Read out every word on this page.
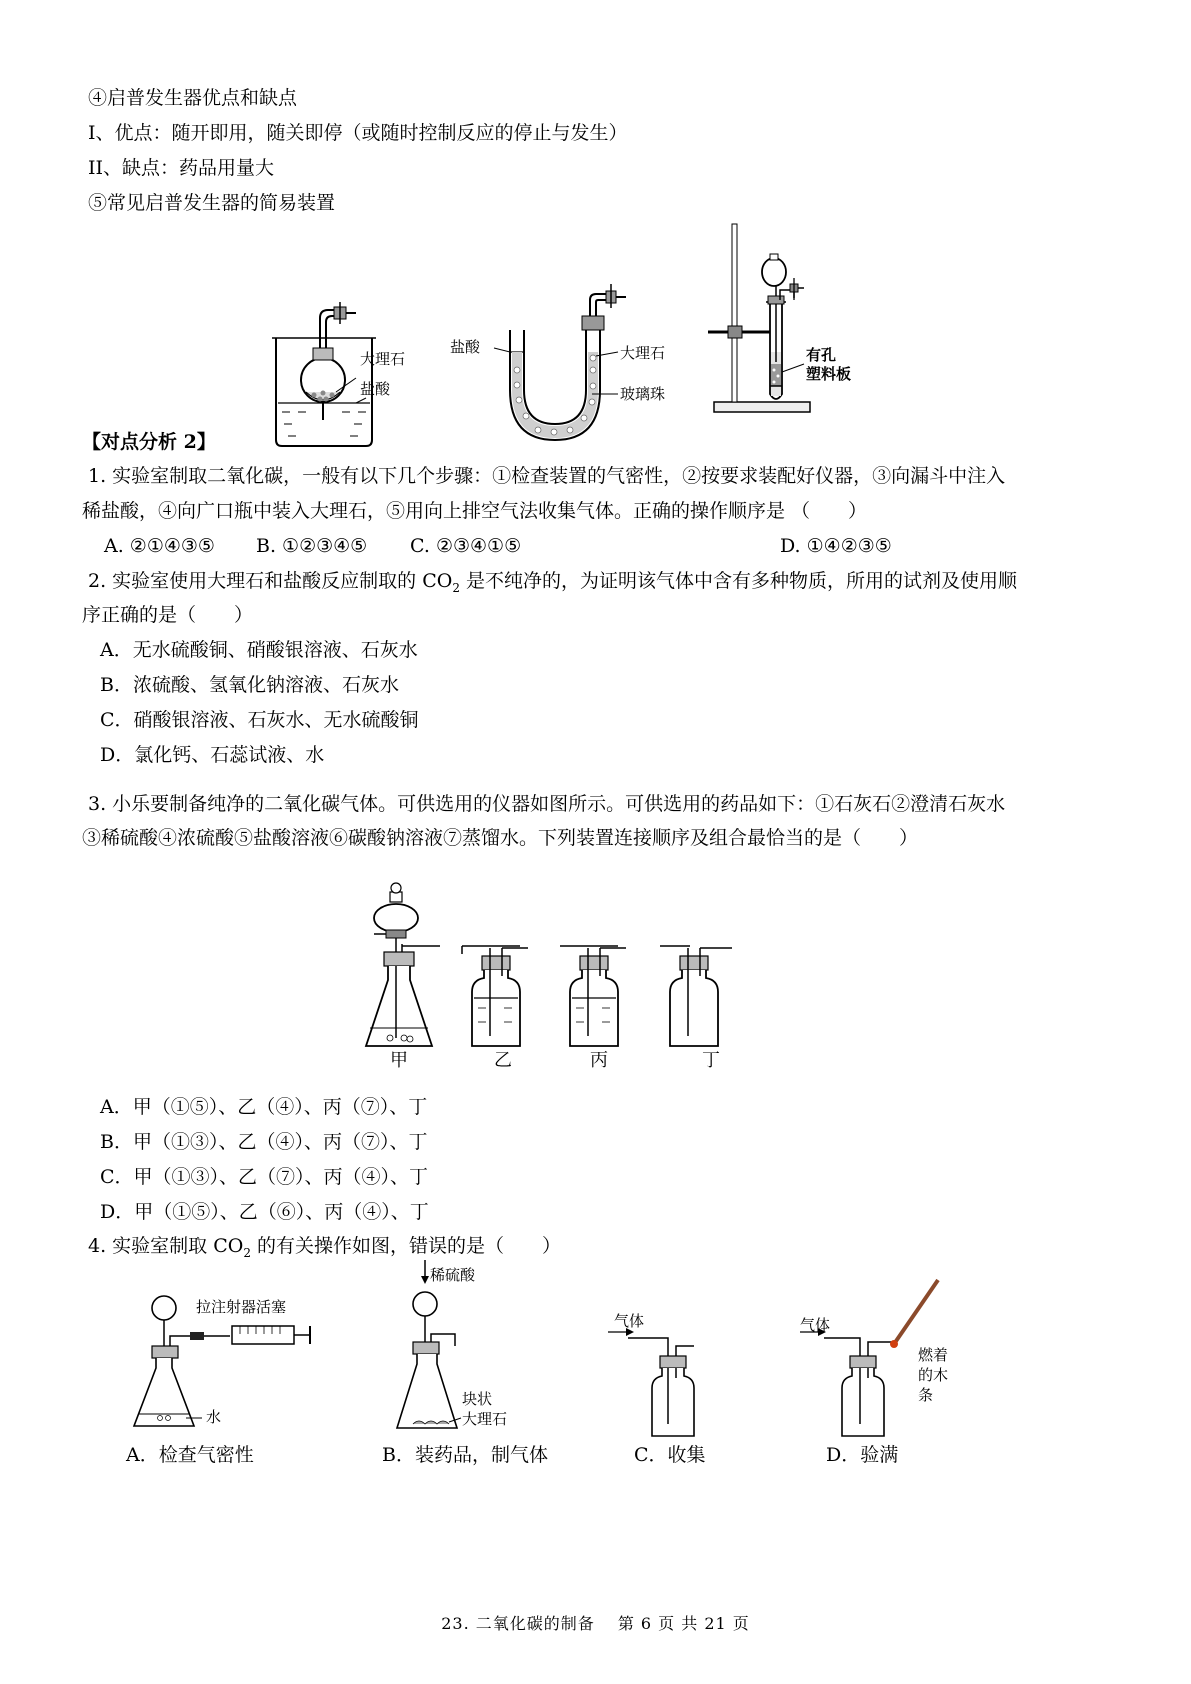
④启普发生器优点和缺点
I、优点：随开即用，随关即停（或随时控制反应的停止与发生）
II、缺点：药品用量大
⑤常见启普发生器的简易装置
大理石
盐酸
盐酸	大理石
玻璃珠
有孔
塑料板
【对点分析 2】
1. 实验室制取二氧化碳，一般有以下几个步骤：①检查装置的气密性，②按要求装配好仪器，③向漏斗中注入
稀盐酸，④向广口瓶中装入大理石，⑤用向上排空气法收集气体。正确的操作顺序是 （　　）
A. ②①④③⑤ B. ①②③④⑤ C. ②③④①⑤	D. ①④②③⑤
2. 实验室使用大理石和盐酸反应制取的 $CO_2$ 是不纯净的，为证明该气体中含有多种物质，所用的试剂及使用顺
序正确的是（　　）
A．无水硫酸铜、硝酸银溶液、石灰水
B．浓硫酸、氢氧化钠溶液、石灰水
C．硝酸银溶液、石灰水、无水硫酸铜
D．氯化钙、石蕊试液、水
3. 小乐要制备纯净的二氧化碳气体。可供选用的仪器如图所示。可供选用的药品如下：①石灰石②澄清石灰水
③稀硫酸④浓硫酸⑤盐酸溶液⑥碳酸钠溶液⑦蒸馏水。下列装置连接顺序及组合最恰当的是（　　）
甲	乙	丙	丁
A．甲（①⑤）、乙（④）、丙（⑦）、丁
B．甲（①③）、乙（④）、丙（⑦）、丁
C．甲（①③）、乙（⑦）、丙（④）、丁
D．甲（①⑤）、乙（⑥）、丙（④）、丁
4. 实验室制取 $CO_2$ 的有关操作如图，错误的是（　　）
拉注射器活塞
水
稀硫酸
块状
大理石
气体	气体
燃着
的木
条
A．检查气密性	B．装药品，制气体	C．收集	D．验满
23. 二氧化碳的制备　 第 6 页 共 21 页
